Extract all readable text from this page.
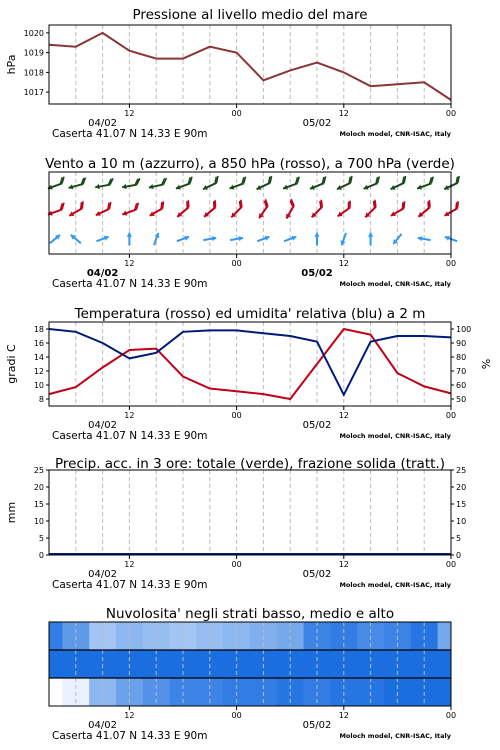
Pressione al livello medio del mare
1017
1018
1019
1020
hPa
12	00	12	00
04/02	05/02
Caserta 41.07 N 14.33 E 90m	Moloch model, CNR-ISAC, Italy
Vento a 10 m (azzurro), a 850 hPa (rosso), a 700 hPa (verde)
12	00	12	00
04/02	05/02
Caserta 41.07 N 14.33 E 90m	Moloch model, CNR-ISAC, Italy
Temperatura (rosso) ed umidita' relativa (blu) a 2 m
8
10
12
14
16
18
50
60
70
80
90
100
gradi C	%
12	00	12	00
04/02	05/02
Caserta 41.07 N 14.33 E 90m	Moloch model, CNR-ISAC, Italy
Precip. acc. in 3 ore: totale (verde), frazione solida (tratt.)
0
5
10
15
20
25
0
5
10
15
20
25
mm
12	00	12	00
04/02	05/02
Caserta 41.07 N 14.33 E 90m	Moloch model, CNR-ISAC, Italy
Nuvolosita' negli strati basso, medio e alto
12	00	12	00
04/02	05/02
Caserta 41.07 N 14.33 E 90m	Moloch model, CNR-ISAC, Italy
